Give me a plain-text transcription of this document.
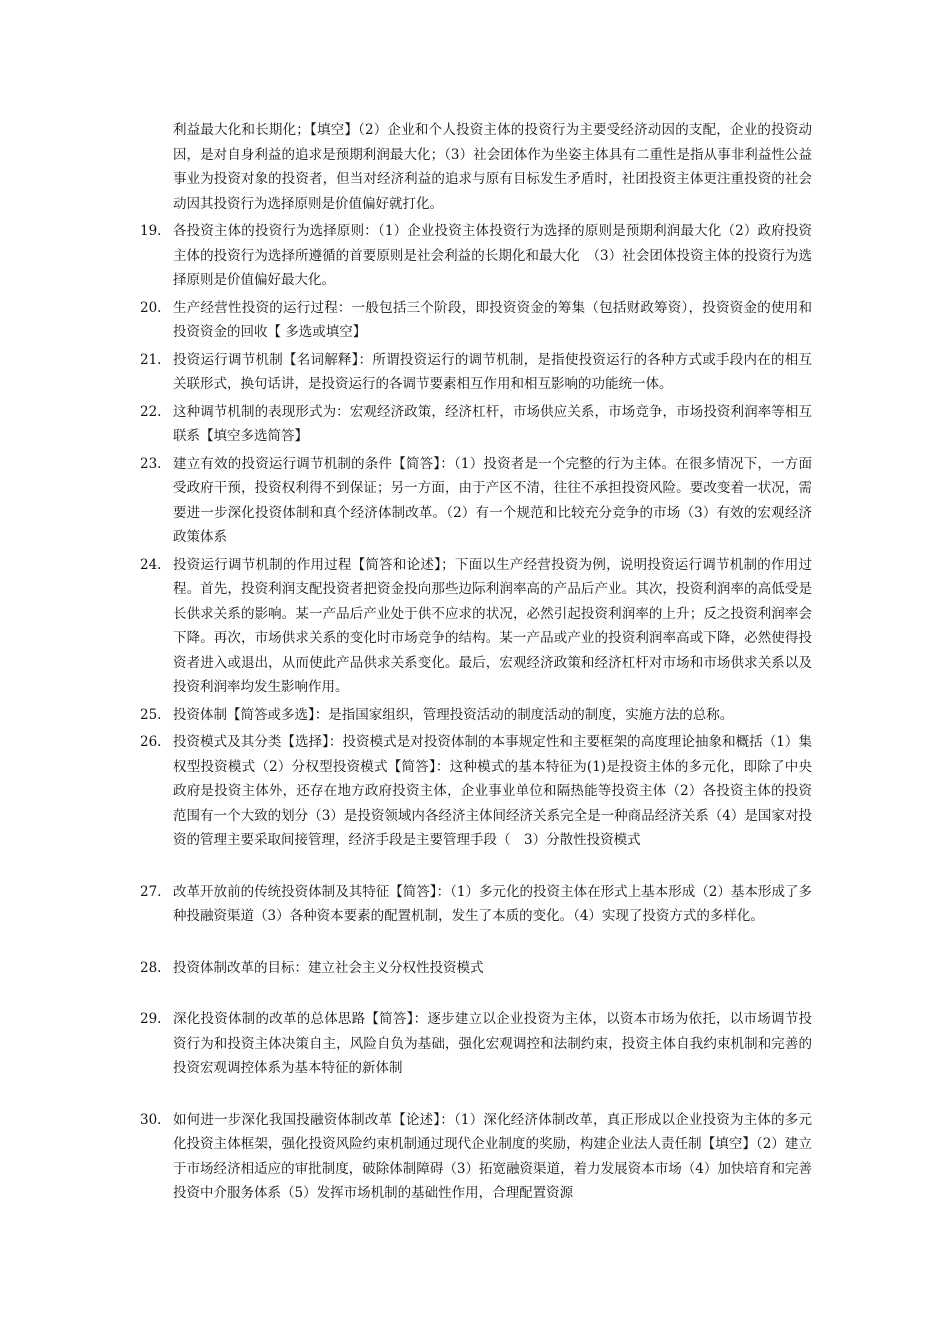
利益最大化和长期化；【填空】（2）企业和个人投资主体的投资行为主要受经济动因的支配，企业的投资动因，是对自身利益的追求是预期利润最大化；（3）社会团体作为坐姿主体具有二重性是指从事非利益性公益事业为投资对象的投资者，但当对经济利益的追求与原有目标发生矛盾时，社团投资主体更注重投资的社会动因其投资行为选择原则是价值偏好就打化。

19. 各投资主体的投资行为选择原则：（1）企业投资主体投资行为选择的原则是预期利润最大化（2）政府投资主体的投资行为选择所遵循的首要原则是社会利益的长期化和最大化　（3）社会团体投资主体的投资行为选择原则是价值偏好最大化。

20. 生产经营性投资的运行过程：一般包括三个阶段，即投资资金的筹集（包括财政筹资），投资资金的使用和投资资金的回收【 多选或填空】

21. 投资运行调节机制【名词解释】：所谓投资运行的调节机制，是指使投资运行的各种方式或手段内在的相互关联形式，换句话讲，是投资运行的各调节要素相互作用和相互影响的功能统一体。

22. 这种调节机制的表现形式为：宏观经济政策，经济杠杆，市场供应关系，市场竞争，市场投资利润率等相互联系【填空多选简答】

23. 建立有效的投资运行调节机制的条件【简答】：（1）投资者是一个完整的行为主体。在很多情况下，一方面受政府干预，投资权利得不到保证；另一方面，由于产区不清，往往不承担投资风险。要改变着一状况，需要进一步深化投资体制和真个经济体制改革。（2）有一个规范和比较充分竞争的市场（3）有效的宏观经济政策体系

24. 投资运行调节机制的作用过程【简答和论述】；下面以生产经营投资为例，说明投资运行调节机制的作用过程。首先，投资利润支配投资者把资金投向那些边际利润率高的产品后产业。其次，投资利润率的高低受是长供求关系的影响。某一产品后产业处于供不应求的状况，必然引起投资利润率的上升；反之投资利润率会下降。再次，市场供求关系的变化时市场竞争的结构。某一产品或产业的投资利润率高或下降，必然使得投资者进入或退出，从而使此产品供求关系变化。最后，宏观经济政策和经济杠杆对市场和市场供求关系以及投资利润率均发生影响作用。

25. 投资体制【简答或多选】：是指国家组织，管理投资活动的制度活动的制度，实施方法的总称。

26. 投资模式及其分类【选择】：投资模式是对投资体制的本事规定性和主要框架的高度理论抽象和概括（1）集权型投资模式（2）分权型投资模式【简答】：这种模式的基本特征为(1)是投资主体的多元化，即除了中央政府是投资主体外，还存在地方政府投资主体，企业事业单位和隔热能等投资主体（2）各投资主体的投资范围有一个大致的划分（3）是投资领域内各经济主体间经济关系完全是一种商品经济关系（4）是国家对投资的管理主要采取间接管理，经济手段是主要管理手段（　3）分散性投资模式

27. 改革开放前的传统投资体制及其特征【简答】：（1）多元化的投资主体在形式上基本形成（2）基本形成了多种投融资渠道（3）各种资本要素的配置机制，发生了本质的变化。（4）实现了投资方式的多样化。

28. 投资体制改革的目标：建立社会主义分权性投资模式

29. 深化投资体制的改革的总体思路【简答】：逐步建立以企业投资为主体，以资本市场为依托，以市场调节投资行为和投资主体决策自主，风险自负为基础，强化宏观调控和法制约束，投资主体自我约束机制和完善的投资宏观调控体系为基本特征的新体制

30. 如何进一步深化我国投融资体制改革【论述】：（1）深化经济体制改革，真正形成以企业投资为主体的多元化投资主体框架，强化投资风险约束机制通过现代企业制度的奖励，构建企业法人责任制【填空】（2）建立于市场经济相适应的审批制度，破除体制障碍（3）拓宽融资渠道，着力发展资本市场（4）加快培育和完善投资中介服务体系（5）发挥市场机制的基础性作用，合理配置资源
